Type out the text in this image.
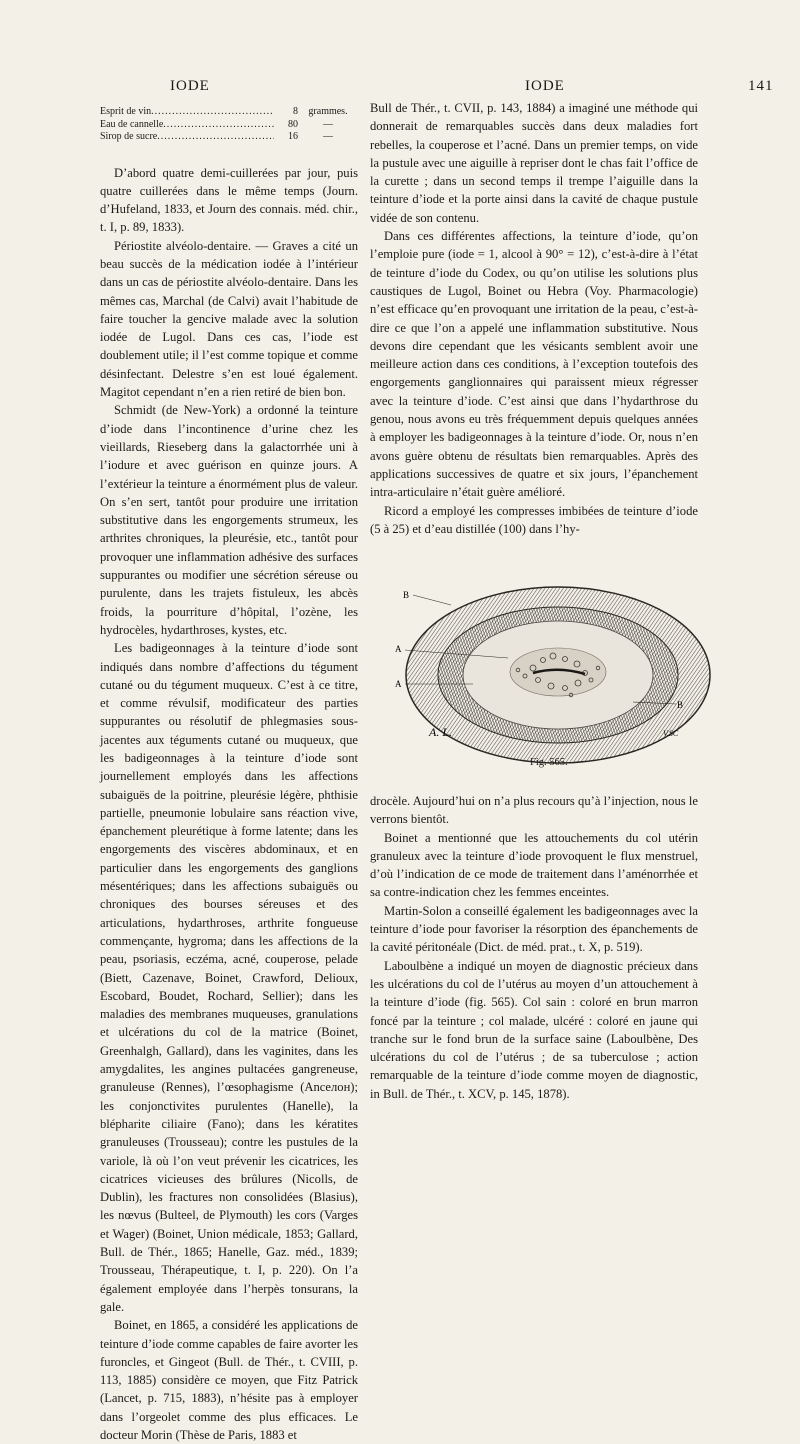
IODE	IODE	141
Esprit de vin .....	8	grammes.
Eau de cannelle .....	80	—
Sirop de sucre .....	16	—

D’abord quatre demi-cuillerées par jour, puis quatre cuillerées dans le même temps (Journ. d’Hufeland, 1833, et Journ des connais. méd. chir., t. I, p. 89, 1833).

Périostite alvéolo-dentaire. — Graves a cité un beau succès de la médication iodée à l’intérieur dans un cas de périostite alvéolo-dentaire. Dans les mêmes cas, Marchal (de Calvi) avait l’habitude de faire toucher la gencive malade avec la solution iodée de Lugol. Dans ces cas, l’iode est doublement utile; il l’est comme topique et comme désinfectant. Delestre s’en est loué également. Magitot cependant n’en a rien retiré de bien bon.

Schmidt (de New-York) a ordonné la teinture d’iode dans l’incontinence d’urine chez les vieillards, Rieseberg dans la galactorrhée uni à l’iodure et avec guérison en quinze jours. A l’extérieur la teinture a énormément plus de valeur. On s’en sert, tantôt pour produire une irritation substitutive dans les engorgements strumeux, les arthrites chroniques, la pleurésie, etc., tantôt pour provoquer une inflammation adhésive des surfaces suppurantes ou modifier une sécrétion séreuse ou purulente, dans les trajets fistuleux, les abcès froids, la pourriture d’hôpital, l’ozène, les hydrocèles, hydarthroses, kystes, etc.

Les badigeonnages à la teinture d’iode sont indiqués dans nombre d’affections du tégument cutané ou du tégument muqueux. C’est à ce titre, et comme révulsif, modificateur des parties suppurantes ou résolutif de phlegmasies sous-jacentes aux téguments cutané ou muqueux, que les badigeonnages à la teinture d’iode sont journellement employés dans les affections subaiguës de la poitrine, pleurésie légère, phthisie partielle, pneumonie lobulaire sans réaction vive, épanchement pleurétique à forme latente; dans les engorgements des viscères abdominaux, et en particulier dans les engorgements des ganglions mésentériques; dans les affections subaiguës ou chroniques des bourses séreuses et des articulations, hydarthroses, arthrite fongueuse commençante, hygroma; dans les affections de la peau, psoriasis, eczéma, acné, couperose, pelade (Biett, Cazenave, Boinet, Crawford, Delioux, Escobard, Boudet, Rochard, Sellier); dans les maladies des membranes muqueuses, granulations et ulcérations du col de la matrice (Boinet, Greenhalgh, Gallard), dans les vaginites, dans les amygdalites, les angines pultacées gangreneuse, granuleuse (Rennes), l’œsophagisme (Anceлон); les conjonctivites purulentes (Hanelle), la blépharite ciliaire (Fano); dans les kératites granuleuses (Trousseau); contre les pustules de la variole, là où l’on veut prévenir les cicatrices, les cicatrices vicieuses des brûlures (Nicolls, de Dublin), les fractures non consolidées (Blasius), les nœvus (Bulteel, de Plymouth) les cors (Varges et Wager) (Boinet, Union médicale, 1853; Gallard, Bull. de Thér., 1865; Hanelle, Gaz. méd., 1839; Trousseau, Thérapeutique, t. I, p. 220). On l’a également employée dans l’herpès tonsurans, la gale.

Boinet, en 1865, a considéré les applications de teinture d’iode comme capables de faire avorter les furoncles, et Gingeot (Bull. de Thér., t. CVIII, p. 113, 1885) considère ce moyen, que Fitz Patrick (Lancet, p. 715, 1883), n’hésite pas à employer dans l’orgeolet comme des plus efficaces. Le docteur Morin (Thèse de Paris, 1883 et

Bull de Thér., t. CVII, p. 143, 1884) a imaginé une méthode qui donnerait de remarquables succès dans deux maladies fort rebelles, la couperose et l’acné. Dans un premier temps, on vide la pustule avec une aiguille à repriser dont le chas fait l’office de la curette ; dans un second temps il trempe l’aiguille dans la teinture d’iode et la porte ainsi dans la cavité de chaque pustule vidée de son contenu.

Dans ces différentes affections, la teinture d’iode, qu’on l’emploie pure (iode = 1, alcool à 90° = 12), c’est-à-dire à l’état de teinture d’iode du Codex, ou qu’on utilise les solutions plus caustiques de Lugol, Boinet ou Hebra (Voy. Pharmacologie) n’est efficace qu’en provoquant une irritation de la peau, c’est-à-dire ce que l’on a appelé une inflammation substitutive. Nous devons dire cependant que les vésicants semblent avoir une meilleure action dans ces conditions, à l’exception toutefois des engorgements ganglionnaires qui paraissent mieux régresser avec la teinture d’iode. C’est ainsi que dans l’hydarthrose du genou, nous avons eu très fréquemment depuis quelques années à employer les badigeonnages à la teinture d’iode. Or, nous n’en avons guère obtenu de résultats bien remarquables. Après des applications successives de quatre et six jours, l’épanchement intra-articulaire n’était guère amélioré.

Ricord a employé les compresses imbibées de teinture d’iode (5 à 25) et d’eau distillée (100) dans l’hy-

B
A
A
B
A. L.	V.SC
Fig. 565.

drocèle. Aujourd’hui on n’a plus recours qu’à l’injection, nous le verrons bientôt.

Boinet a mentionné que les attouchements du col utérin granuleux avec la teinture d’iode provoquent le flux menstruel, d’où l’indication de ce mode de traitement dans l’aménorrhée et sa contre-indication chez les femmes enceintes.

Martin-Solon a conseillé également les badigeonnages avec la teinture d’iode pour favoriser la résorption des épanchements de la cavité péritonéale (Dict. de méd. prat., t. X, p. 519).

Laboulbène a indiqué un moyen de diagnostic précieux dans les ulcérations du col de l’utérus au moyen d’un attouchement à la teinture d’iode (fig. 565). Col sain : coloré en brun marron foncé par la teinture ; col malade, ulcéré : coloré en jaune qui tranche sur le fond brun de la surface saine (Laboulbène, Des ulcérations du col de l’utérus ; de sa tuberculose ; action remarquable de la teinture d’iode comme moyen de diagnostic, in Bull. de Thér., t. XCV, p. 145, 1878).
